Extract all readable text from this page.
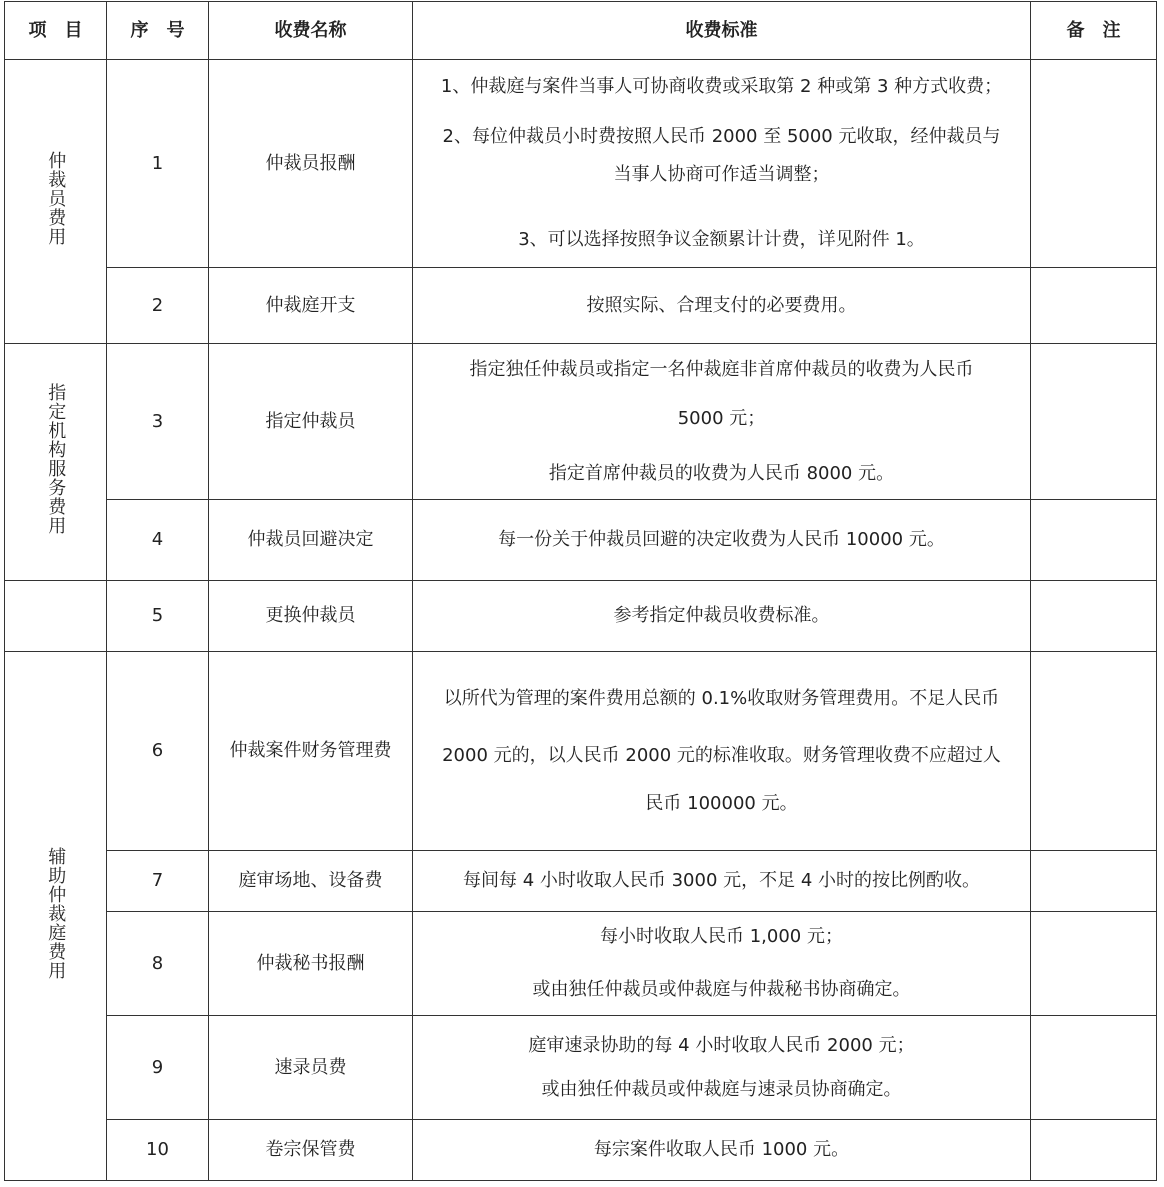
项　目	序　号	收费名称	收费标准	备　注
仲裁员费用	1	仲裁员报酬	1、仲裁庭与案件当事人可协商收费或采取第 2 种或第 3 种方式收费；
2、每位仲裁员小时费按照人民币 2000 至 5000 元收取，经仲裁员与
当事人协商可作适当调整；
3、可以选择按照争议金额累计计费，详见附件 1。	

	2	仲裁庭开支	按照实际、合理支付的必要费用。	

指定机构服务费用	3	指定仲裁员	指定独任仲裁员或指定一名仲裁庭非首席仲裁员的收费为人民币
5000 元；
指定首席仲裁员的收费为人民币 8000 元。	

	4	仲裁员回避决定	每一份关于仲裁员回避的决定收费为人民币 10000 元。	

	5	更换仲裁员	参考指定仲裁员收费标准。	

辅助仲裁庭费用	6	仲裁案件财务管理费	以所代为管理的案件费用总额的 0.1%收取财务管理费用。不足人民币
2000 元的，以人民币 2000 元的标准收取。财务管理收费不应超过人
民币 100000 元。	

	7	庭审场地、设备费	每间每 4 小时收取人民币 3000 元，不足 4 小时的按比例酌收。	

	8	仲裁秘书报酬	每小时收取人民币 1,000 元；
或由独任仲裁员或仲裁庭与仲裁秘书协商确定。	

	9	速录员费	庭审速录协助的每 4 小时收取人民币 2000 元；
或由独任仲裁员或仲裁庭与速录员协商确定。	

	10	卷宗保管费	每宗案件收取人民币 1000 元。	
